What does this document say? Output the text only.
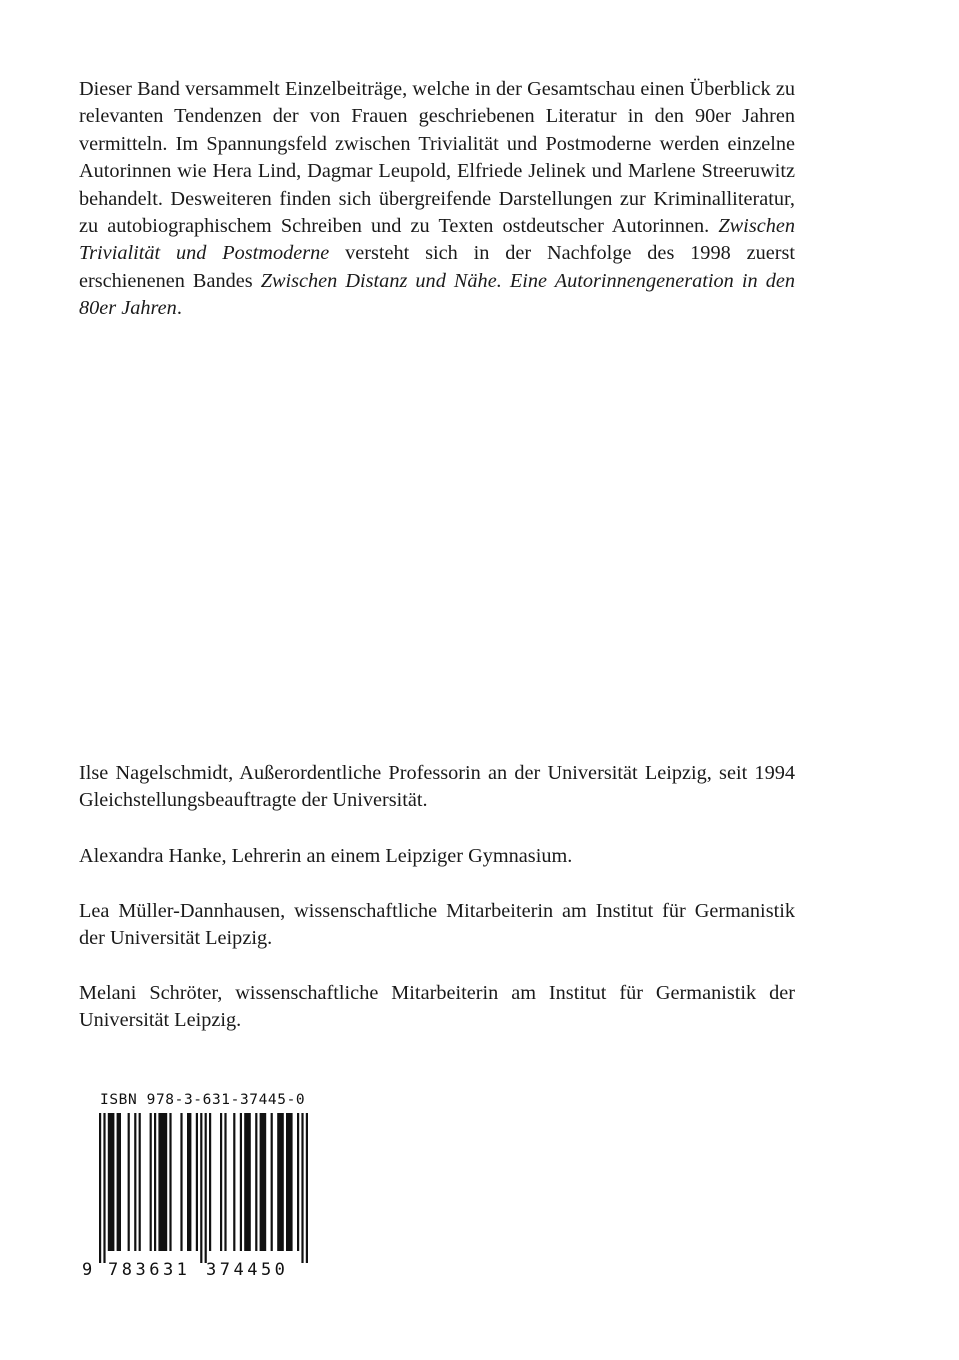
Dieser Band versammelt Einzelbeiträge, welche in der Gesamtschau einen Überblick zu relevanten Tendenzen der von Frauen geschriebenen Literatur in den 90er Jahren vermitteln. Im Spannungsfeld zwischen Trivialität und Postmoderne werden einzelne Autorinnen wie Hera Lind, Dagmar Leupold, Elfriede Jelinek und Marlene Streeruwitz behandelt. Desweiteren finden sich übergreifende Darstellungen zur Kriminalliteratur, zu autobiographischem Schreiben und zu Texten ostdeutscher Autorinnen. Zwischen Trivialität und Postmoderne versteht sich in der Nachfolge des 1998 zuerst erschienenen Bandes Zwischen Distanz und Nähe. Eine Autorinnengeneration in den 80er Jahren.

Ilse Nagelschmidt, Außerordentliche Professorin an der Universität Leipzig, seit 1994 Gleichstellungsbeauftragte der Universität.

Alexandra Hanke, Lehrerin an einem Leipziger Gymnasium.

Lea Müller-Dannhausen, wissenschaftliche Mitarbeiterin am Institut für Germanistik der Universität Leipzig.

Melani Schröter, wissenschaftliche Mitarbeiterin am Institut für Germanistik der Universität Leipzig.

ISBN 978-3-631-37445-0
9 783631 374450
